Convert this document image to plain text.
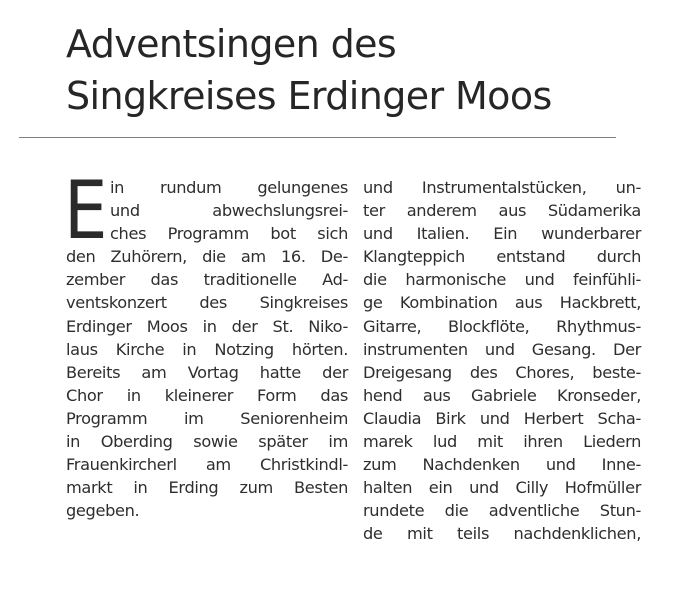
Adventsingen des
Singkreises Erdinger Moos
E in rundum gelungenes
und abwechslungsrei-
ches Programm bot sich
den Zuhörern, die am 16. De-
zember das traditionelle Ad-
ventskonzert des Singkreises
Erdinger Moos in der St. Niko-
laus Kirche in Notzing hörten.
Bereits am Vortag hatte der
Chor in kleinerer Form das
Programm im Seniorenheim
in Oberding sowie später im
Frauenkircherl am Christkindl-
markt in Erding zum Besten
gegeben.
und Instrumentalstücken, un-
ter anderem aus Südamerika
und Italien. Ein wunderbarer
Klangteppich entstand durch
die harmonische und feinfühli-
ge Kombination aus Hackbrett,
Gitarre, Blockflöte, Rhythmus-
instrumenten und Gesang. Der
Dreigesang des Chores, beste-
hend aus Gabriele Kronseder,
Claudia Birk und Herbert Scha-
marek lud mit ihren Liedern
zum Nachdenken und Inne-
halten ein und Cilly Hofmüller
rundete die adventliche Stun-
de mit teils nachdenklichen,
